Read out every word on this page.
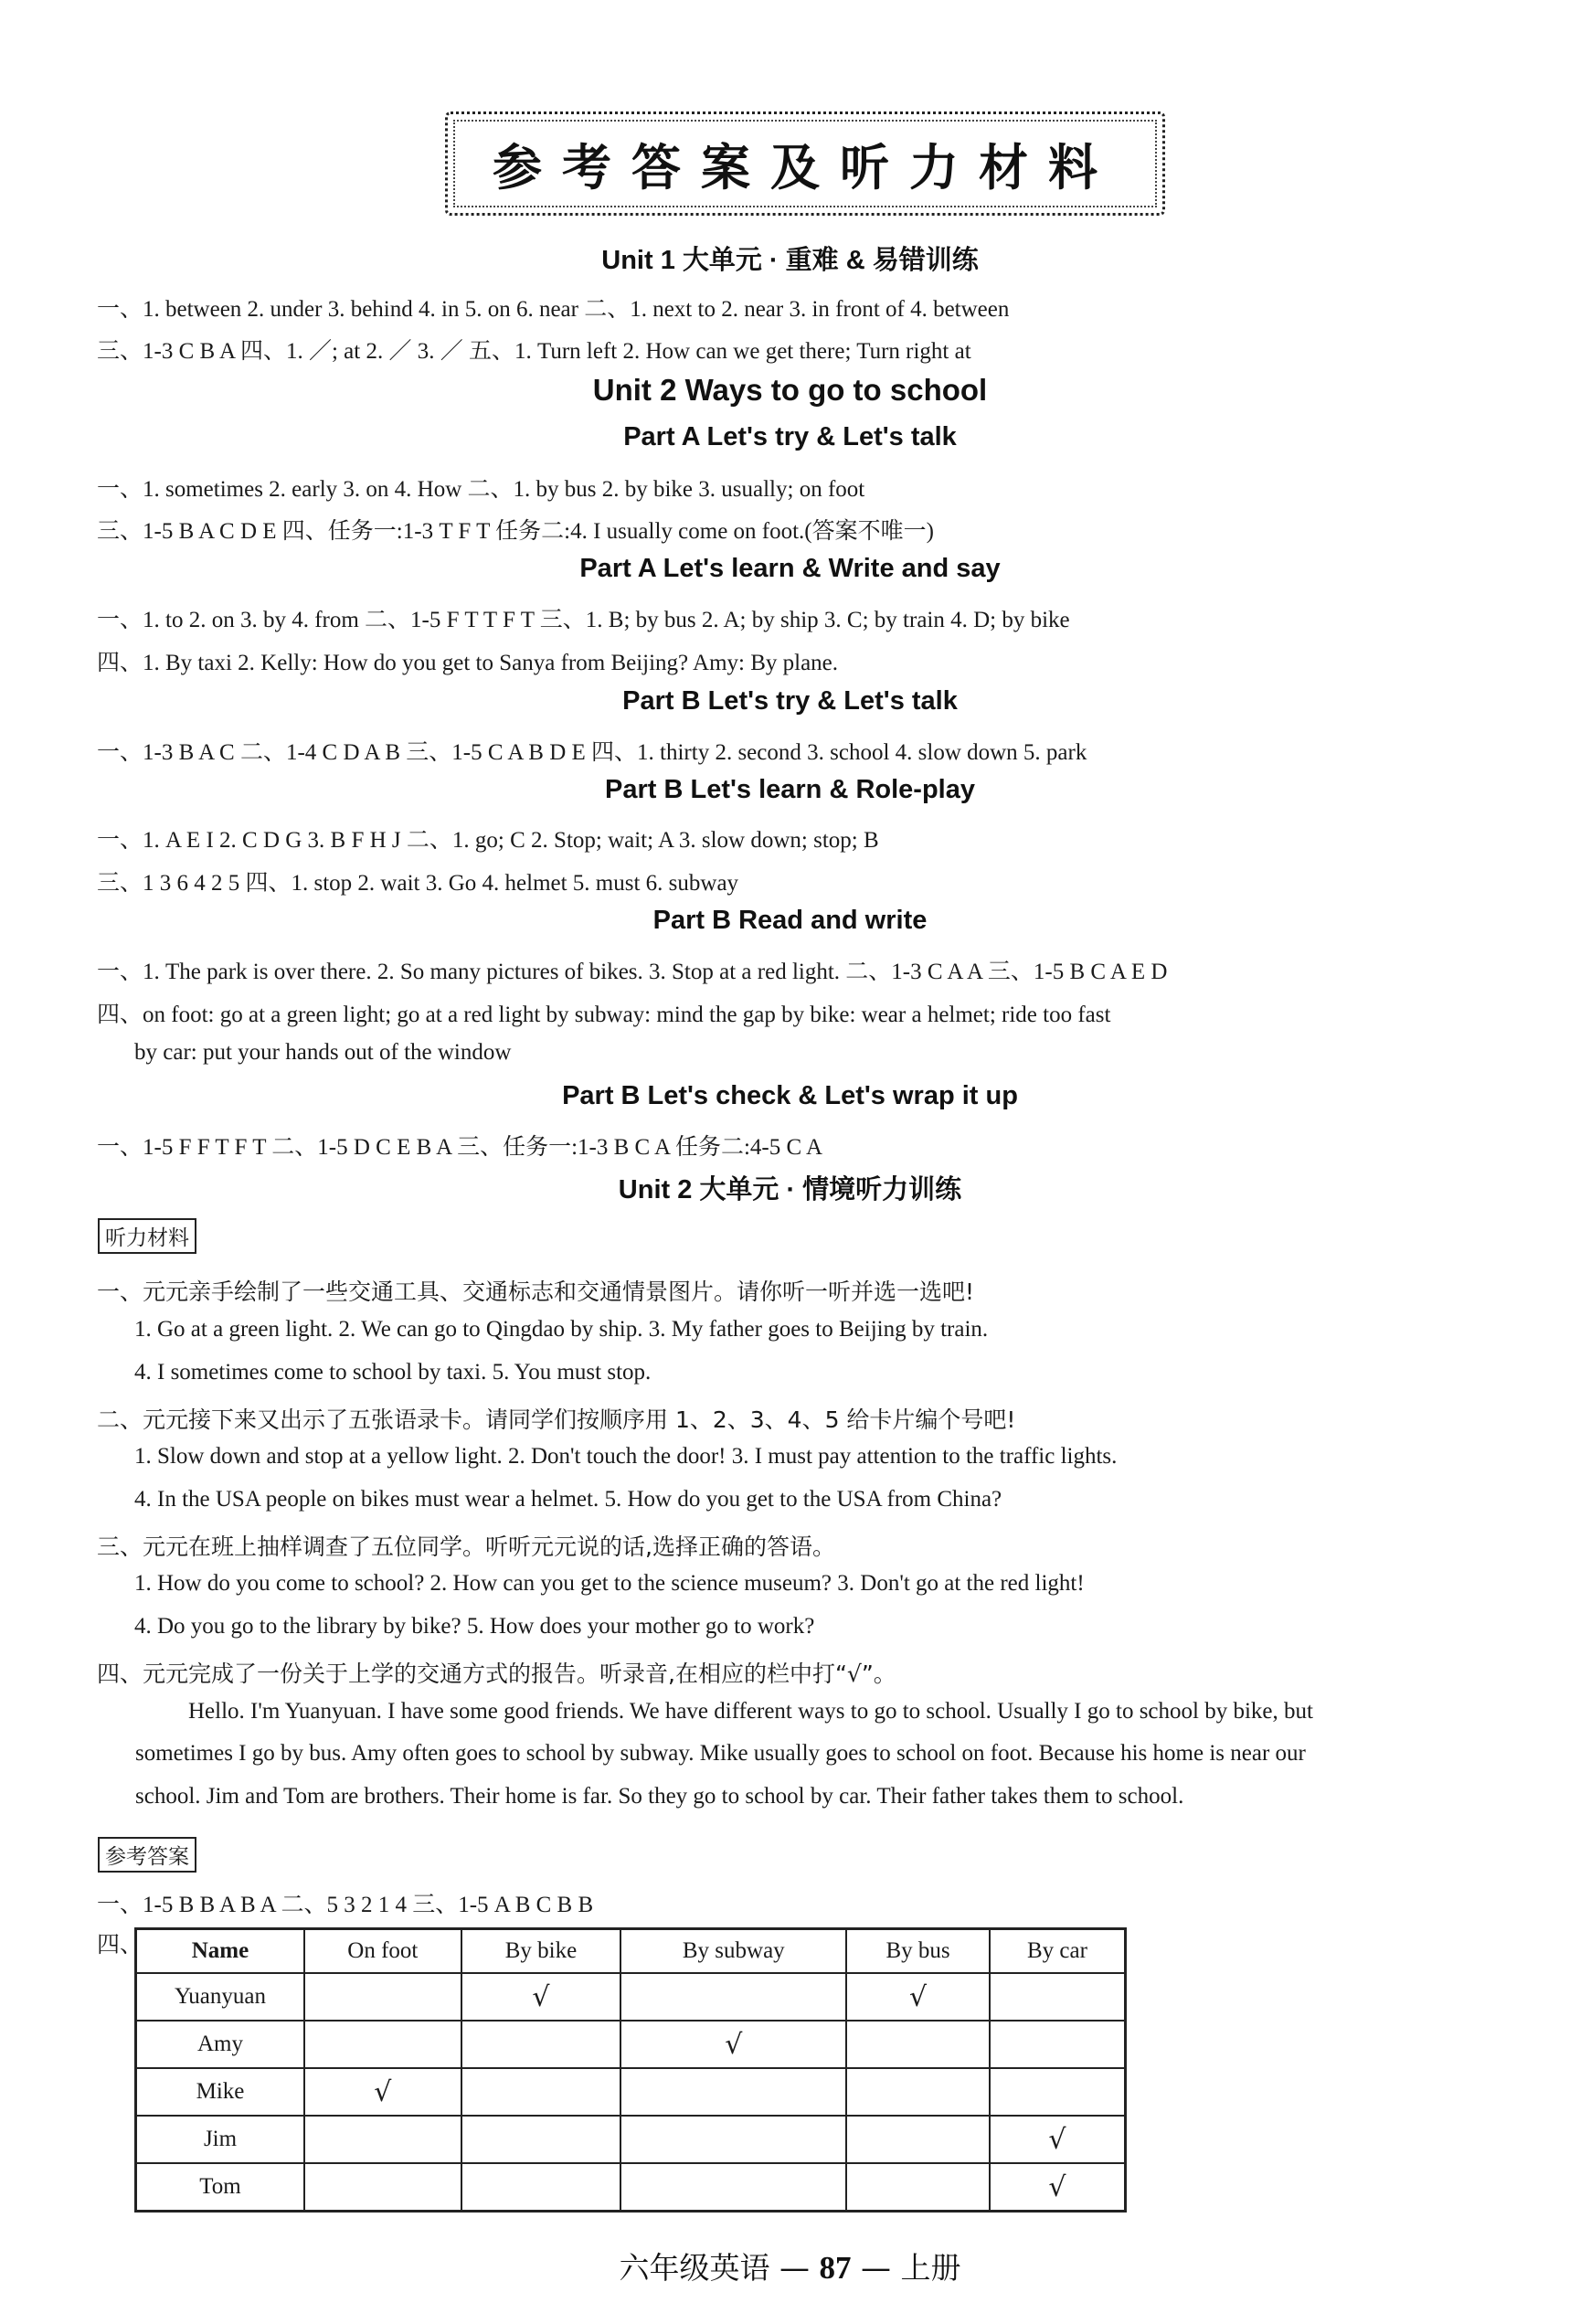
参考答案及听力材料
Unit 1 大单元 · 重难 & 易错训练
一、1. between 2. under 3. behind 4. in 5. on 6. near 二、1. next to 2. near 3. in front of 4. between
三、1-3 C B A 四、1. ／; at 2. ／ 3. ／ 五、1. Turn left 2. How can we get there; Turn right at
Unit 2 Ways to go to school
Part A Let's try & Let's talk
一、1. sometimes 2. early 3. on 4. How 二、1. by bus 2. by bike 3. usually; on foot
三、1-5 B A C D E 四、任务一:1-3 T F T 任务二:4. I usually come on foot.(答案不唯一)
Part A Let's learn & Write and say
一、1. to 2. on 3. by 4. from 二、1-5 F T T F T 三、1. B; by bus 2. A; by ship 3. C; by train 4. D; by bike
四、1. By taxi 2. Kelly: How do you get to Sanya from Beijing? Amy: By plane.
Part B Let's try & Let's talk
一、1-3 B A C 二、1-4 C D A B 三、1-5 C A B D E 四、1. thirty 2. second 3. school 4. slow down 5. park
Part B Let's learn & Role-play
一、1. A E I 2. C D G 3. B F H J 二、1. go; C 2. Stop; wait; A 3. slow down; stop; B
三、1 3 6 4 2 5 四、1. stop 2. wait 3. Go 4. helmet 5. must 6. subway
Part B Read and write
一、1. The park is over there. 2. So many pictures of bikes. 3. Stop at a red light. 二、1-3 C A A 三、1-5 B C A E D
四、on foot: go at a green light; go at a red light by subway: mind the gap by bike: wear a helmet; ride too fast
by car: put your hands out of the window
Part B Let's check & Let's wrap it up
一、1-5 F F T F T 二、1-5 D C E B A 三、任务一:1-3 B C A 任务二:4-5 C A
Unit 2 大单元 · 情境听力训练
听力材料
一、元元亲手绘制了一些交通工具、交通标志和交通情景图片。请你听一听并选一选吧!
1. Go at a green light. 2. We can go to Qingdao by ship. 3. My father goes to Beijing by train.
4. I sometimes come to school by taxi. 5. You must stop.
二、元元接下来又出示了五张语录卡。请同学们按顺序用 1、2、3、4、5 给卡片编个号吧!
1. Slow down and stop at a yellow light. 2. Don't touch the door! 3. I must pay attention to the traffic lights.
4. In the USA people on bikes must wear a helmet. 5. How do you get to the USA from China?
三、元元在班上抽样调查了五位同学。听听元元说的话,选择正确的答语。
1. How do you come to school? 2. How can you get to the science museum? 3. Don't go at the red light!
4. Do you go to the library by bike? 5. How does your mother go to work?
四、元元完成了一份关于上学的交通方式的报告。听录音,在相应的栏中打“√”。
Hello. I'm Yuanyuan. I have some good friends. We have different ways to go to school. Usually I go to school by bike, but
sometimes I go by bus. Amy often goes to school by subway. Mike usually goes to school on foot. Because his home is near our
school. Jim and Tom are brothers. Their home is far. So they go to school by car. Their father takes them to school.
参考答案
一、1-5 B B A B A 二、5 3 2 1 4 三、1-5 A B C B B
四、 Name	On foot	By bike	By subway	By bus	By car
Yuanyuan		√		√	
Amy			√		
Mike	√				
Jim					√
Tom					√
六年级英语 — 87 — 上册
